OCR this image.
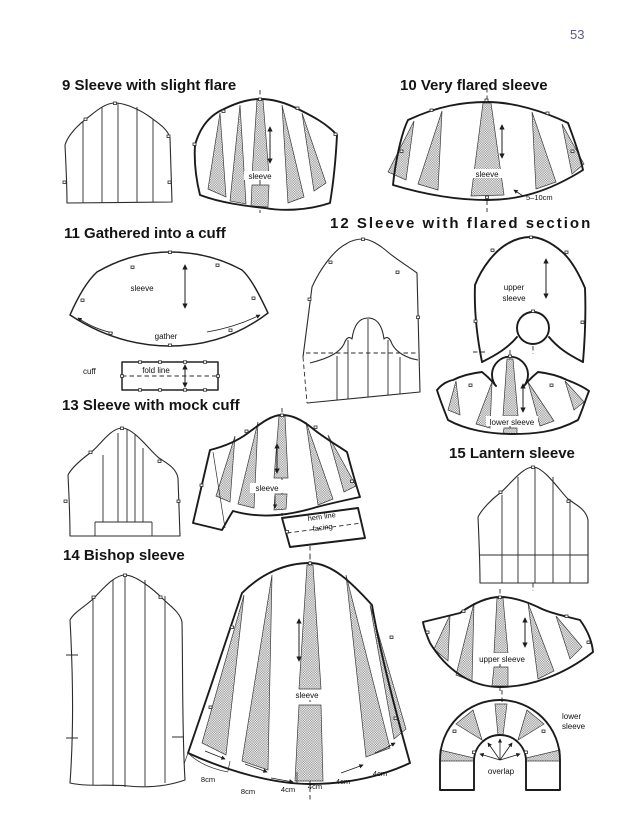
53
9 Sleeve with slight flare	10 Very flared sleeve
11 Gathered into a cuff
12 Sleeve with flared section
13 Sleeve with mock cuff
14 Bishop sleeve
15 Lantern sleeve
sleeve	sleeve
5–10cm
sleeve
gather
cuff	fold line
upper
sleeve
lower sleeve
sleeve
hem line
facing
sleeve
8cm
8cm	4cm 4cm
4cm
4cm
upper sleeve
overlap
lower
sleeve
